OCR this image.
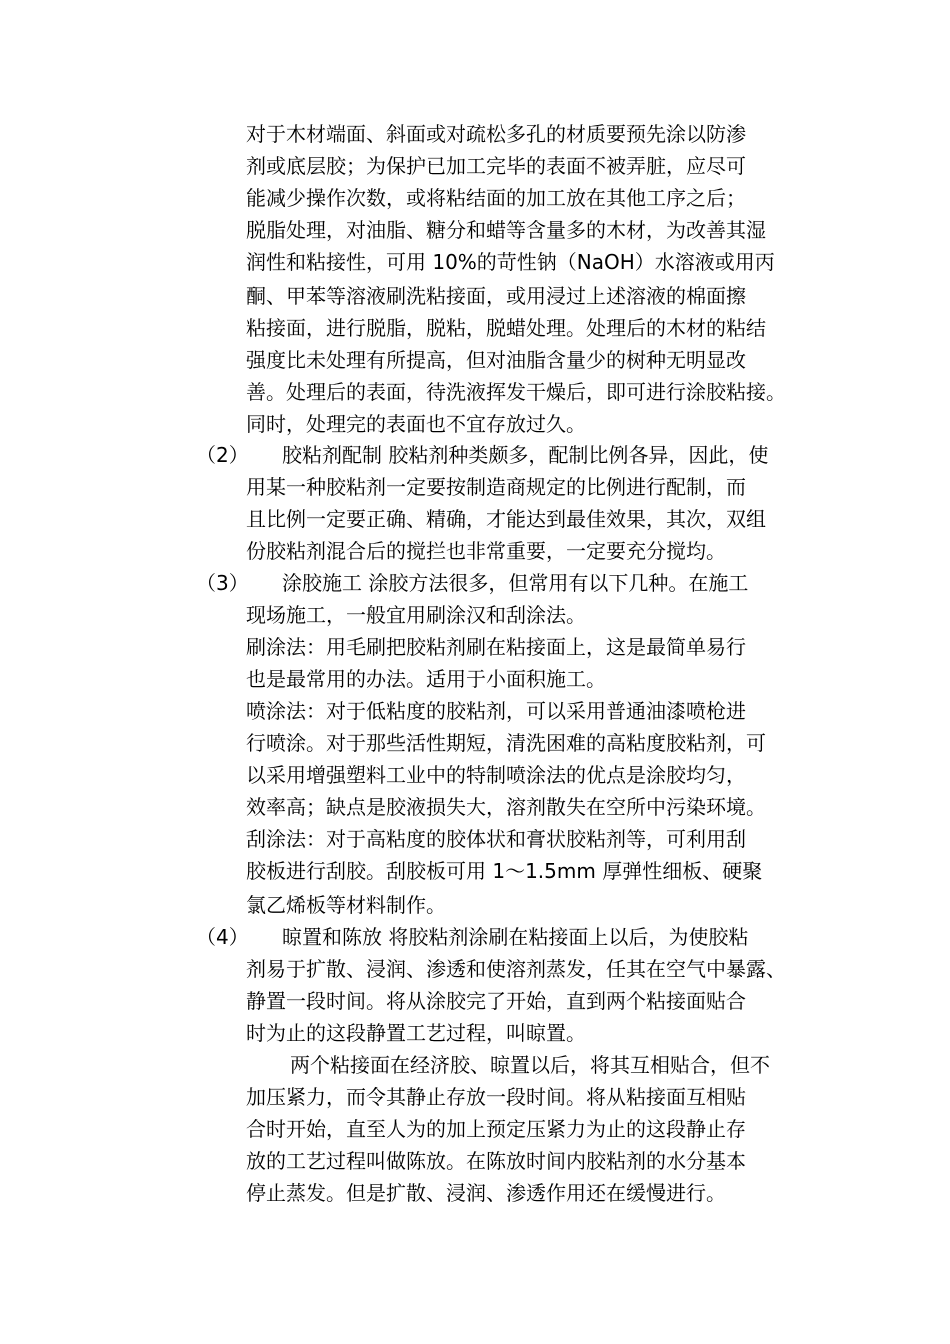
对于木材端面、斜面或对疏松多孔的材质要预先涂以防渗
剂或底层胶；为保护已加工完毕的表面不被弄脏，应尽可
能减少操作次数，或将粘结面的加工放在其他工序之后；
脱脂处理，对油脂、糖分和蜡等含量多的木材，为改善其湿
润性和粘接性，可用 10%的苛性钠（NaOH）水溶液或用丙
酮、甲苯等溶液刷洗粘接面，或用浸过上述溶液的棉面擦
粘接面，进行脱脂，脱粘，脱蜡处理。处理后的木材的粘结
强度比未处理有所提高，但对油脂含量少的树种无明显改
善。处理后的表面，待洗液挥发干燥后，即可进行涂胶粘接。
同时，处理完的表面也不宜存放过久。
（2） 胶粘剂配制 胶粘剂种类颇多，配制比例各异，因此，使
用某一种胶粘剂一定要按制造商规定的比例进行配制，而
且比例一定要正确、精确，才能达到最佳效果，其次，双组
份胶粘剂混合后的搅拦也非常重要，一定要充分搅均。
（3） 涂胶施工 涂胶方法很多，但常用有以下几种。在施工
现场施工，一般宜用刷涂汉和刮涂法。
刷涂法：用毛刷把胶粘剂刷在粘接面上，这是最简单易行
也是最常用的办法。适用于小面积施工。
喷涂法：对于低粘度的胶粘剂，可以采用普通油漆喷枪进
行喷涂。对于那些活性期短，清洗困难的高粘度胶粘剂，可
以采用增强塑料工业中的特制喷涂法的优点是涂胶均匀，
效率高；缺点是胶液损失大，溶剂散失在空所中污染环境。
刮涂法：对于高粘度的胶体状和膏状胶粘剂等，可利用刮
胶板进行刮胶。刮胶板可用 1～1.5mm 厚弹性细板、硬聚
氯乙烯板等材料制作。
（4） 晾置和陈放 将胶粘剂涂刷在粘接面上以后，为使胶粘
剂易于扩散、浸润、渗透和使溶剂蒸发，任其在空气中暴露、
静置一段时间。将从涂胶完了开始，直到两个粘接面贴合
时为止的这段静置工艺过程，叫晾置。
两个粘接面在经济胶、晾置以后，将其互相贴合，但不
加压紧力，而令其静止存放一段时间。将从粘接面互相贴
合时开始，直至人为的加上预定压紧力为止的这段静止存
放的工艺过程叫做陈放。在陈放时间内胶粘剂的水分基本
停止蒸发。但是扩散、浸润、渗透作用还在缓慢进行。
